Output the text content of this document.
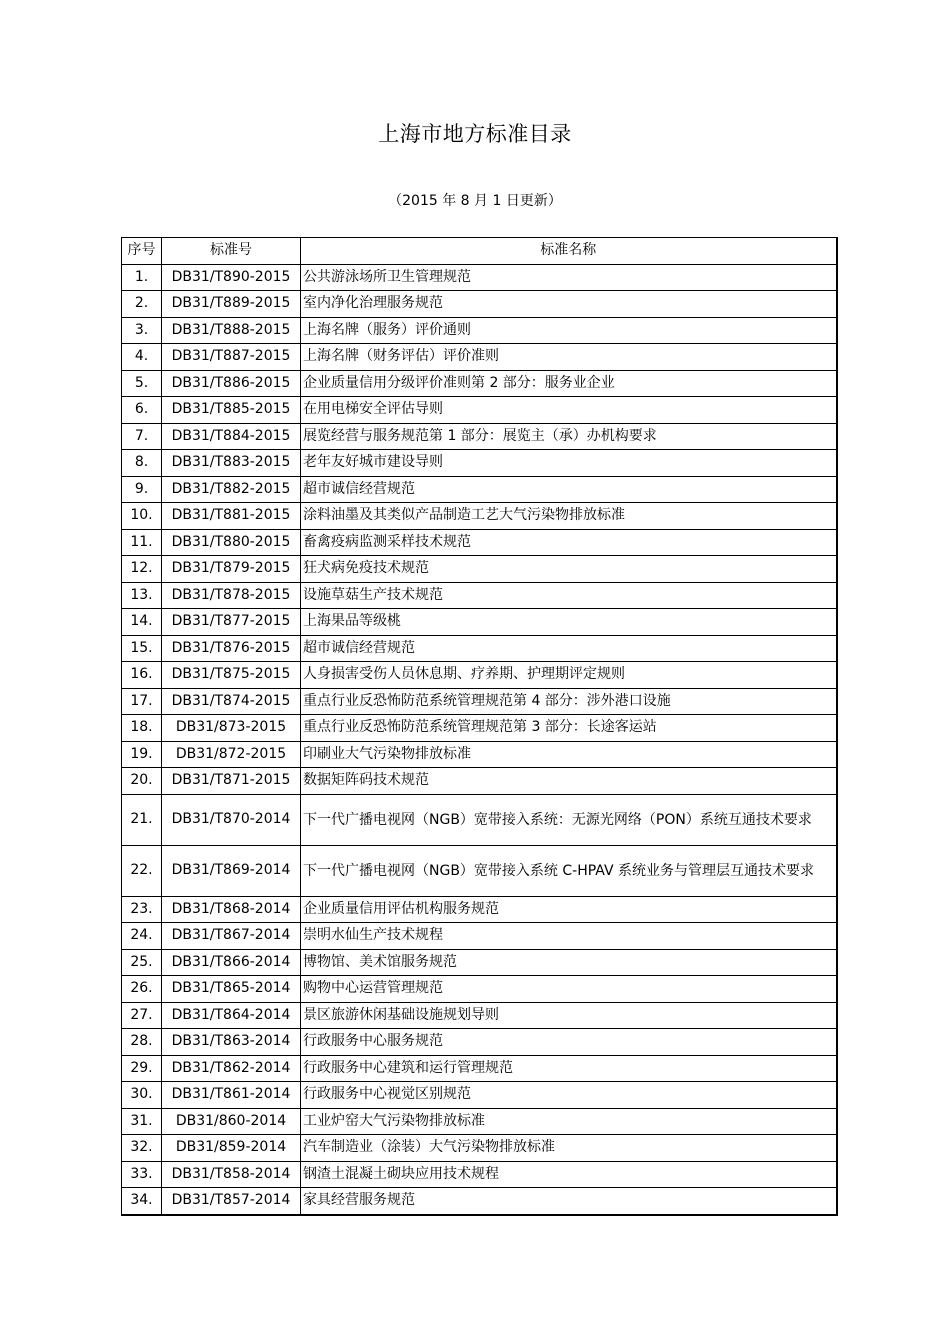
上海市地方标准目录
（2015 年 8 月 1 日更新）
序号	标准号	标准名称
1.	DB31/T890-2015	公共游泳场所卫生管理规范
2.	DB31/T889-2015	室内净化治理服务规范
3.	DB31/T888-2015	上海名牌（服务）评价通则
4.	DB31/T887-2015	上海名牌（财务评估）评价准则
5.	DB31/T886-2015	企业质量信用分级评价准则第 2 部分：服务业企业
6.	DB31/T885-2015	在用电梯安全评估导则
7.	DB31/T884-2015	展览经营与服务规范第 1 部分：展览主（承）办机构要求
8.	DB31/T883-2015	老年友好城市建设导则
9.	DB31/T882-2015	超市诚信经营规范
10.	DB31/T881-2015	涂料油墨及其类似产品制造工艺大气污染物排放标准
11.	DB31/T880-2015	畜禽疫病监测采样技术规范
12.	DB31/T879-2015	狂犬病免疫技术规范
13.	DB31/T878-2015	设施草菇生产技术规范
14.	DB31/T877-2015	上海果品等级桃
15.	DB31/T876-2015	超市诚信经营规范
16.	DB31/T875-2015	人身损害受伤人员休息期、疗养期、护理期评定规则
17.	DB31/T874-2015	重点行业反恐怖防范系统管理规范第 4 部分：涉外港口设施
18.	DB31/873-2015	重点行业反恐怖防范系统管理规范第 3 部分：长途客运站
19.	DB31/872-2015	印刷业大气污染物排放标准
20.	DB31/T871-2015	数据矩阵码技术规范
21.	DB31/T870-2014	下一代广播电视网（NGB）宽带接入系统：无源光网络（PON）系统互通技术要求
22.	DB31/T869-2014	下一代广播电视网（NGB）宽带接入系统 C-HPAV 系统业务与管理层互通技术要求
23.	DB31/T868-2014	企业质量信用评估机构服务规范
24.	DB31/T867-2014	崇明水仙生产技术规程
25.	DB31/T866-2014	博物馆、美术馆服务规范
26.	DB31/T865-2014	购物中心运营管理规范
27.	DB31/T864-2014	景区旅游休闲基础设施规划导则
28.	DB31/T863-2014	行政服务中心服务规范
29.	DB31/T862-2014	行政服务中心建筑和运行管理规范
30.	DB31/T861-2014	行政服务中心视觉区别规范
31.	DB31/860-2014	工业炉窑大气污染物排放标准
32.	DB31/859-2014	汽车制造业（涂装）大气污染物排放标准
33.	DB31/T858-2014	钢渣土混凝土砌块应用技术规程
34.	DB31/T857-2014	家具经营服务规范
